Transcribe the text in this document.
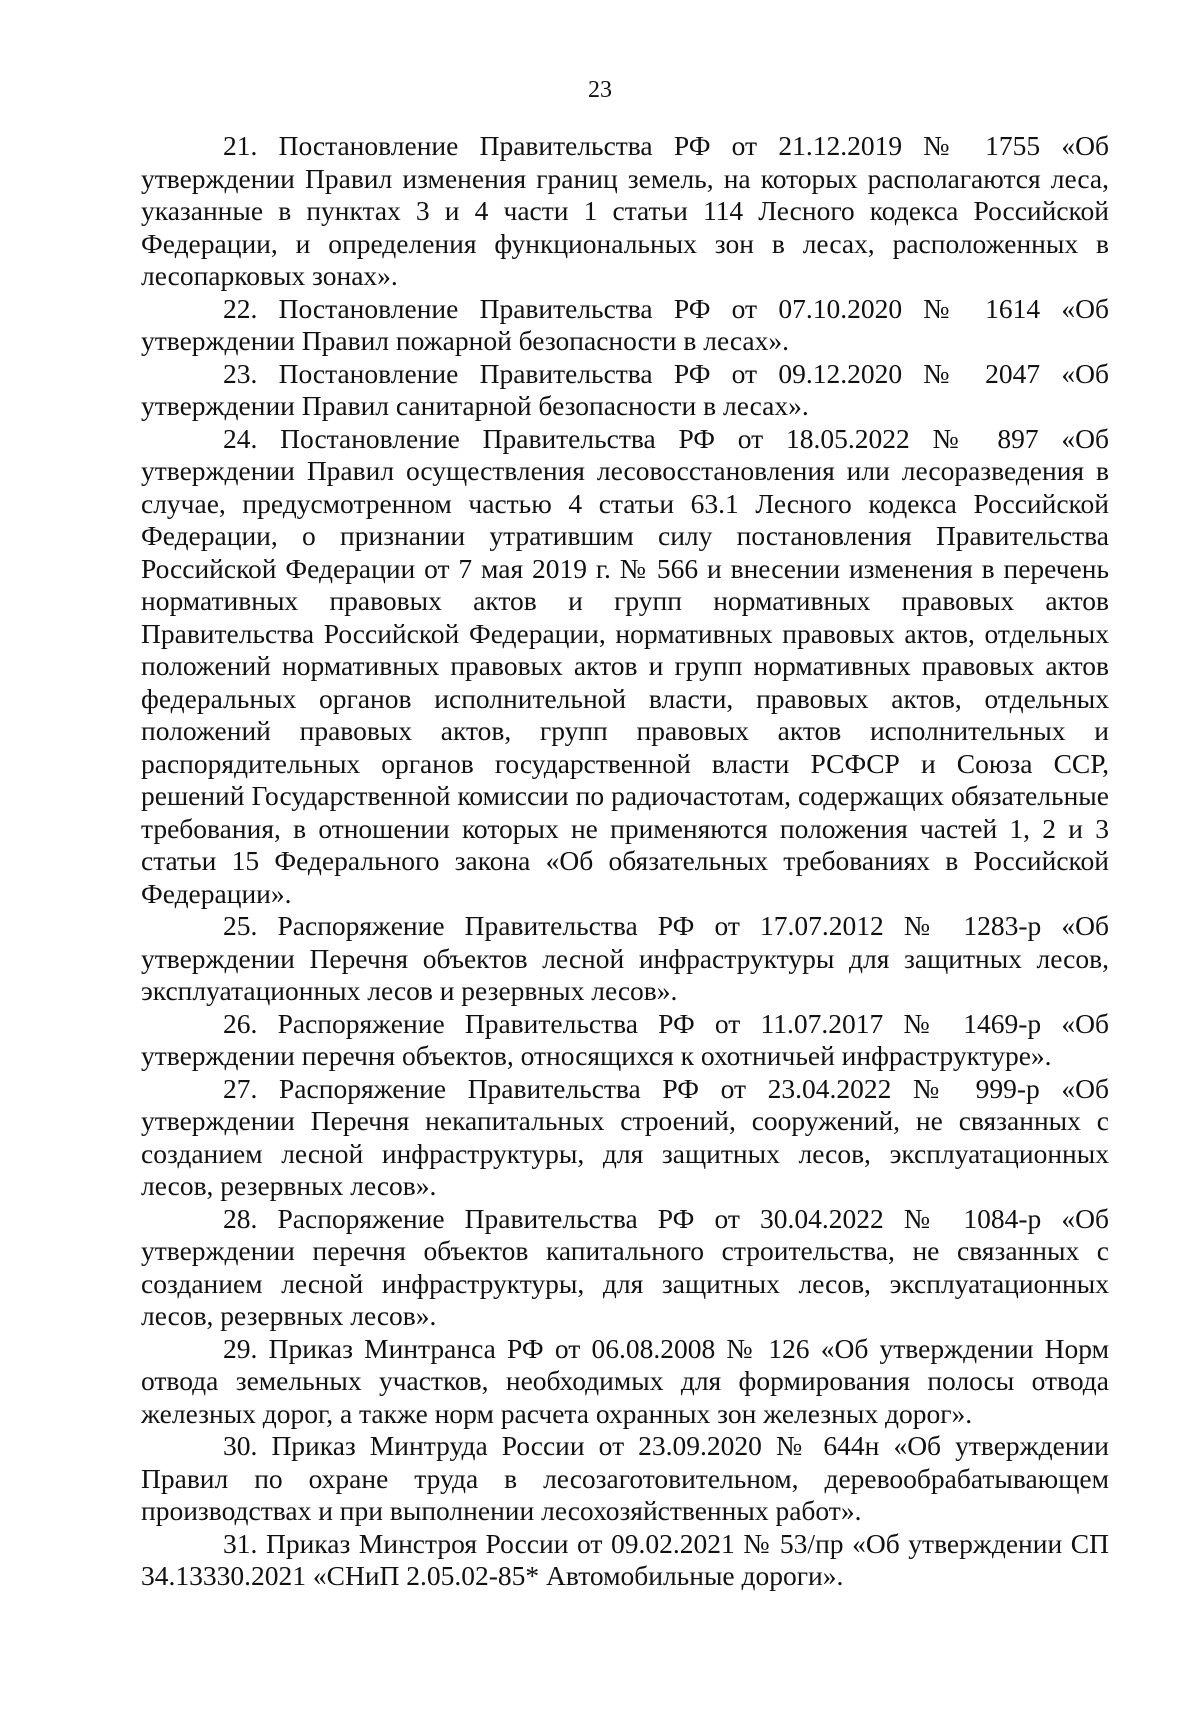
23

21. Постановление Правительства РФ от 21.12.2019 № 1755 «Об утверждении Правил изменения границ земель, на которых располагаются леса, указанные в пунктах 3 и 4 части 1 статьи 114 Лесного кодекса Российской Федерации, и определения функциональных зон в лесах, расположенных в лесопарковых зонах».

22. Постановление Правительства РФ от 07.10.2020 № 1614 «Об утверждении Правил пожарной безопасности в лесах».

23. Постановление Правительства РФ от 09.12.2020 № 2047 «Об утверждении Правил санитарной безопасности в лесах».

24. Постановление Правительства РФ от 18.05.2022 № 897 «Об утверждении Правил осуществления лесовосстановления или лесоразведения в случае, предусмотренном частью 4 статьи 63.1 Лесного кодекса Российской Федерации, о признании утратившим силу постановления Правительства Российской Федерации от 7 мая 2019 г. № 566 и внесении изменения в перечень нормативных правовых актов и групп нормативных правовых актов Правительства Российской Федерации, нормативных правовых актов, отдельных положений нормативных правовых актов и групп нормативных правовых актов федеральных органов исполнительной власти, правовых актов, отдельных положений правовых актов, групп правовых актов исполнительных и распорядительных органов государственной власти РСФСР и Союза ССР, решений Государственной комиссии по радиочастотам, содержащих обязательные требования, в отношении которых не применяются положения частей 1, 2 и 3 статьи 15 Федерального закона «Об обязательных требованиях в Российской Федерации».

25. Распоряжение Правительства РФ от 17.07.2012 № 1283-р «Об утверждении Перечня объектов лесной инфраструктуры для защитных лесов, эксплуатационных лесов и резервных лесов».

26. Распоряжение Правительства РФ от 11.07.2017 № 1469-р «Об утверждении перечня объектов, относящихся к охотничьей инфраструктуре».

27. Распоряжение Правительства РФ от 23.04.2022 № 999-р «Об утверждении Перечня некапитальных строений, сооружений, не связанных с созданием лесной инфраструктуры, для защитных лесов, эксплуатационных лесов, резервных лесов».

28. Распоряжение Правительства РФ от 30.04.2022 № 1084-р «Об утверждении перечня объектов капитального строительства, не связанных с созданием лесной инфраструктуры, для защитных лесов, эксплуатационных лесов, резервных лесов».

29. Приказ Минтранса РФ от 06.08.2008 № 126 «Об утверждении Норм отвода земельных участков, необходимых для формирования полосы отвода железных дорог, а также норм расчета охранных зон железных дорог».

30. Приказ Минтруда России от 23.09.2020 № 644н «Об утверждении Правил по охране труда в лесозаготовительном, деревообрабатывающем производствах и при выполнении лесохозяйственных работ».

31. Приказ Минстроя России от 09.02.2021 № 53/пр «Об утверждении СП 34.13330.2021 «СНиП 2.05.02-85* Автомобильные дороги».
